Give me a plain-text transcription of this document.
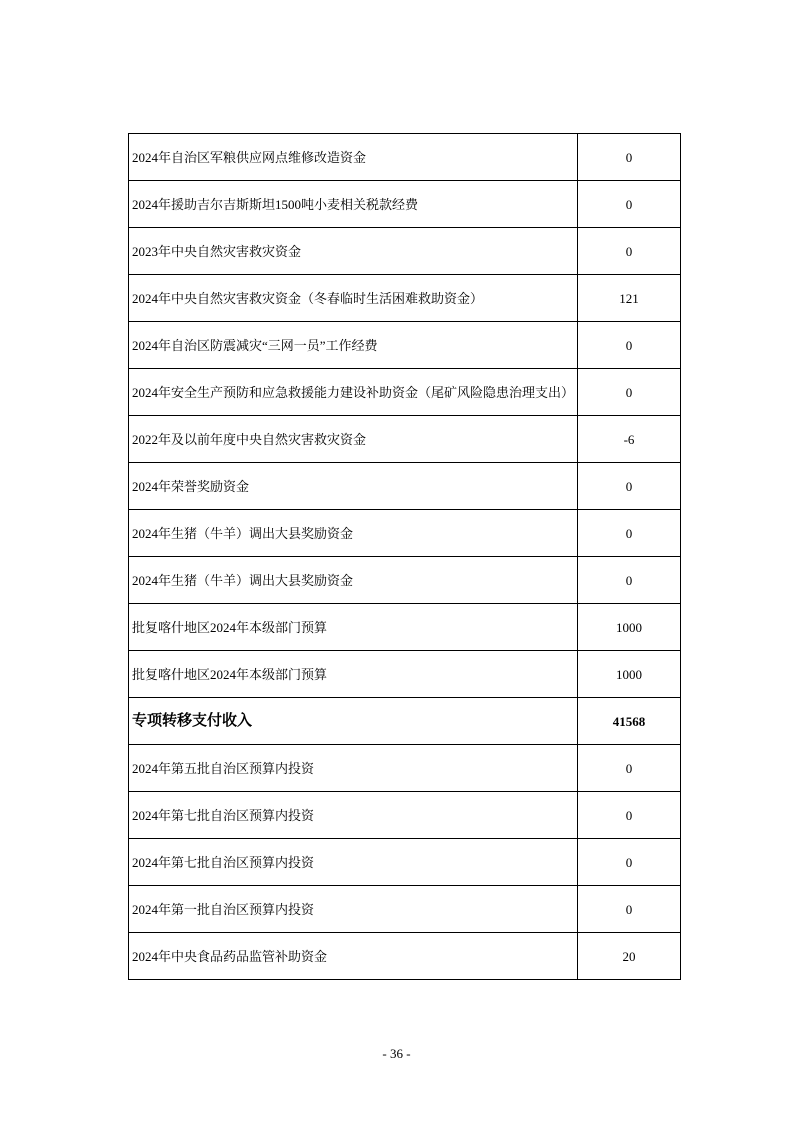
2024年自治区军粮供应网点维修改造资金	0
2024年援助吉尔吉斯斯坦1500吨小麦相关税款经费	0
2023年中央自然灾害救灾资金	0
2024年中央自然灾害救灾资金（冬春临时生活困难救助资金）	121
2024年自治区防震减灾“三网一员”工作经费	0
2024年安全生产预防和应急救援能力建设补助资金（尾矿风险隐患治理支出）	0
2022年及以前年度中央自然灾害救灾资金	-6
2024年荣誉奖励资金	0
2024年生猪（牛羊）调出大县奖励资金	0
2024年生猪（牛羊）调出大县奖励资金	0
批复喀什地区2024年本级部门预算	1000
批复喀什地区2024年本级部门预算	1000
专项转移支付收入	41568
2024年第五批自治区预算内投资	0
2024年第七批自治区预算内投资	0
2024年第七批自治区预算内投资	0
2024年第一批自治区预算内投资	0
2024年中央食品药品监管补助资金	20
- 36 -
